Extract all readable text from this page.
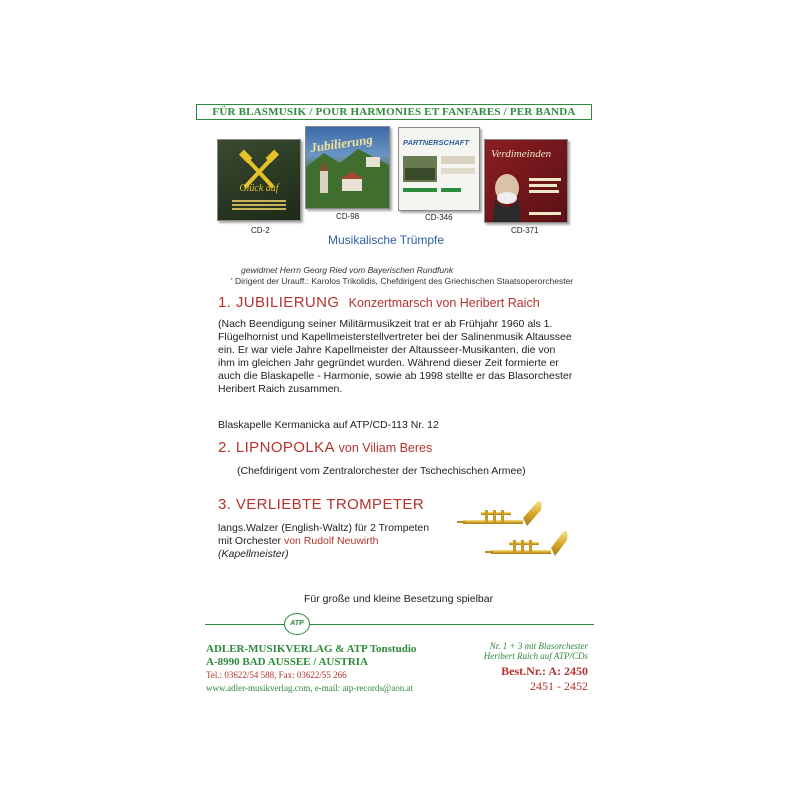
FÜR BLASMUSIK / POUR HARMONIES ET FANFARES / PER BANDA
Glück auf
CD-2
Jubilierung
CD-98
PARTNERSCHAFT
CD-346
Verdimeinden
CD-371
Musikalische Trümpfe
gewidmet Herrn Georg Ried vom Bayerischen Rundfunk
' Dirigent der Urauff.: Karolos Trikolidis, Chefdirigent des Griechischen Staatsoperorchester
1. JUBILIERUNG Konzertmarsch von Heribert Raich
(Nach Beendigung seiner Militärmusikzeit trat er ab Frühjahr 1960 als 1.
Flügelhornist und Kapellmeisterstellvertreter bei der Salinenmusik Altaussee
ein. Er war viele Jahre Kapellmeister der Altausseer-Musikanten, die von
ihm im gleichen Jahr gegründet wurden. Während dieser Zeit formierte er
auch die Blaskapelle - Harmonie, sowie ab 1998 stellte er das Blasorchester
Heribert Raich zusammen.
Blaskapelle Kermanicka auf ATP/CD-113 Nr. 12
2. LIPNOPOLKA von Viliam Beres
(Chefdirigent vom Zentralorchester der Tschechischen Armee)
3. VERLIEBTE TROMPETER
langs.Walzer (English-Waltz) für 2 Trompeten
mit Orchester von Rudolf Neuwirth
(Kapellmeister)
Für große und kleine Besetzung spielbar
ATP
ADLER-MUSIKVERLAG & ATP Tonstudio
A-8990 BAD AUSSEE / AUSTRIA
Tel.: 03622/54 588, Fax: 03622/55 266
www.adler-musikverlag.com, e-mail: atp-records@aon.at
Nr. 1 + 3 mit Blasorchester
Heribert Raich auf ATP/CDs
Best.Nr.: A: 2450
2451 - 2452
